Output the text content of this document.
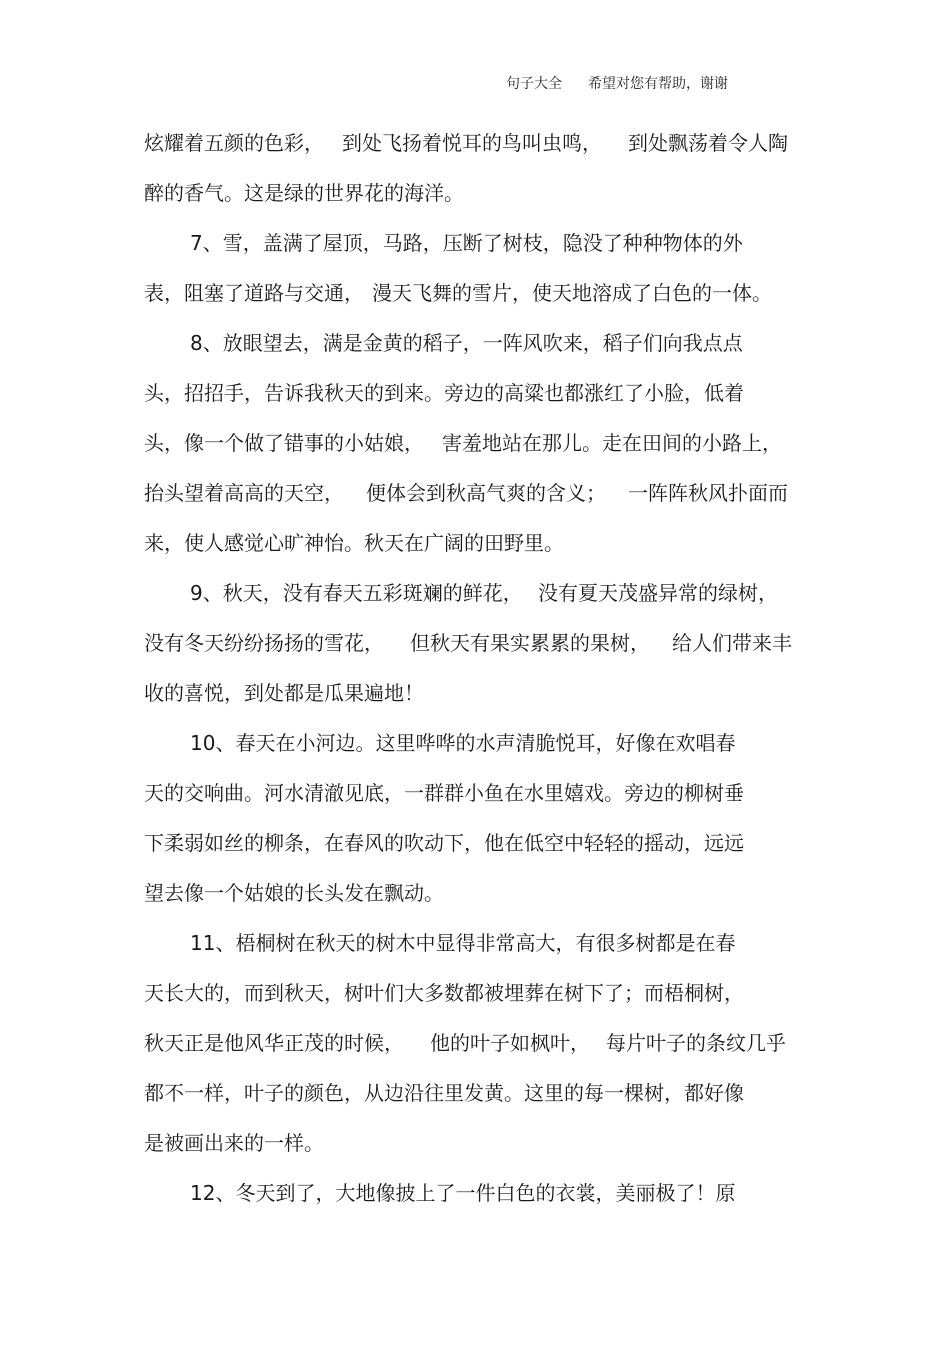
句子大全 希望对您有帮助，谢谢

炫耀着五颜的色彩，

到处飞扬着悦耳的鸟叫虫鸣，

到处飘荡着令人陶

醉的香气。这是绿的世界花的海洋。

7、雪，盖满了屋顶，马路，压断了树枝，隐没了种种物体的外

表，阻塞了道路与交通，

漫天飞舞的雪片，使天地溶成了白色的一体。

8、放眼望去，满是金黄的稻子，一阵风吹来，稻子们向我点点

头，招招手，告诉我秋天的到来。旁边的高粱也都涨红了小脸，低着

头，像一个做了错事的小姑娘，

害羞地站在那儿。走在田间的小路上，

抬头望着高高的天空，

便体会到秋高气爽的含义；

一阵阵秋风扑面而

来，使人感觉心旷神怡。秋天在广阔的田野里。

9、秋天，没有春天五彩斑斓的鲜花，

没有夏天茂盛异常的绿树，

没有冬天纷纷扬扬的雪花，

但秋天有果实累累的果树，

给人们带来丰

收的喜悦，到处都是瓜果遍地！

10、春天在小河边。这里哗哗的水声清脆悦耳，好像在欢唱春

天的交响曲。河水清澈见底，一群群小鱼在水里嬉戏。旁边的柳树垂

下柔弱如丝的柳条，在春风的吹动下，他在低空中轻轻的摇动，远远

望去像一个姑娘的长头发在飘动。

11、梧桐树在秋天的树木中显得非常高大，有很多树都是在春

天长大的，而到秋天，树叶们大多数都被埋葬在树下了；而梧桐树，

秋天正是他风华正茂的时候，

他的叶子如枫叶，

每片叶子的条纹几乎

都不一样，叶子的颜色，从边沿往里发黄。这里的每一棵树，都好像

是被画出来的一样。

12、冬天到了，大地像披上了一件白色的衣裳，美丽极了！原
